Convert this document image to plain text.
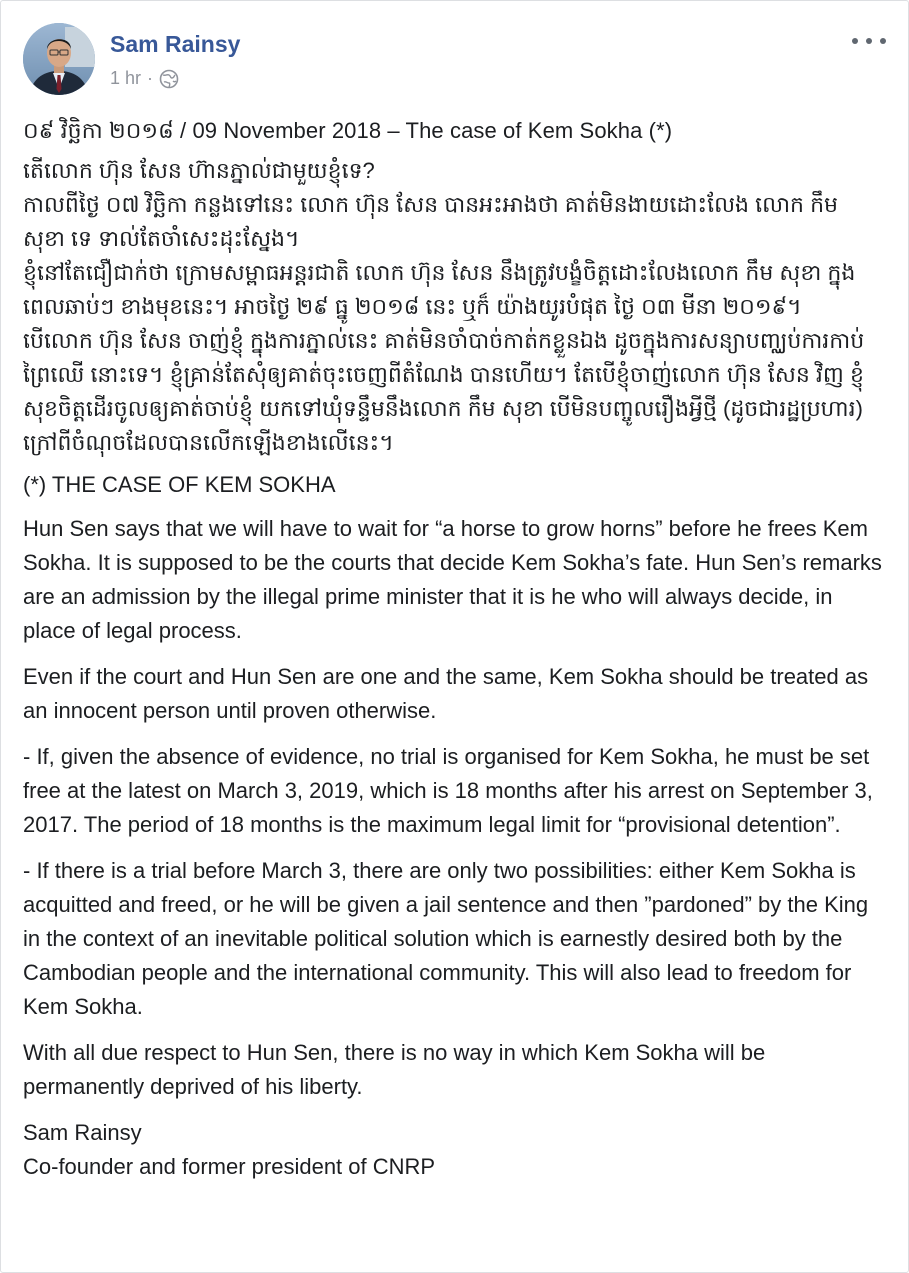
Sam Rainsy
1 hr ·

០៩ វិច្ឆិកា ២០១៨ / 09 November 2018 – The case of Kem Sokha (*)

តើលោក ហ៊ុន សែន ហ៊ានភ្នាល់ជាមួយខ្ញុំទេ?
កាលពីថ្ងៃ ០៧ វិច្ឆិកា កន្លងទៅនេះ លោក ហ៊ុន សែន បានអះអាងថា គាត់មិនងាយដោះលែង លោក កឹម សុខា ទេ ទាល់តែចាំសេះដុះស្នែង។
ខ្ញុំនៅតែជឿជាក់ថា ក្រោមសម្ពាធអន្តរជាតិ លោក ហ៊ុន សែន នឹងត្រូវបង្ខំចិត្តដោះលែងលោក កឹម សុខា ក្នុងពេលឆាប់ៗ ខាងមុខនេះ។ អាចថ្ងៃ ២៩ ធ្នូ ២០១៨ នេះ ឬក៏ យ៉ាងយូរបំផុត ថ្ងៃ ០៣ មីនា ២០១៩។
បើលោក ហ៊ុន សែន ចាញ់ខ្ញុំ ក្នុងការភ្នាល់នេះ គាត់មិនចាំបាច់កាត់កខ្លួនឯង ដូចក្នុងការសន្យាបញ្ឈប់ការកាប់ព្រៃឈើ នោះទេ។ ខ្ញុំគ្រាន់តែសុំឲ្យគាត់ចុះចេញពីតំណែង បានហើយ។ តែបើខ្ញុំចាញ់លោក ហ៊ុន សែន វិញ ខ្ញុំសុខចិត្តដើរចូលឲ្យគាត់ចាប់ខ្ញុំ យកទៅឃុំទន្ទឹមនឹងលោក កឹម សុខា បើមិនបញ្ចូលរឿងអ្វីថ្មី (ដូចជារដ្ឋប្រហារ) ក្រៅពីចំណុចដែលបានលើកឡើងខាងលើនេះ។

(*) THE CASE OF KEM SOKHA

Hun Sen says that we will have to wait for “a horse to grow horns” before he frees Kem Sokha. It is supposed to be the courts that decide Kem Sokha’s fate. Hun Sen’s remarks are an admission by the illegal prime minister that it is he who will always decide, in place of legal process.

Even if the court and Hun Sen are one and the same, Kem Sokha should be treated as an innocent person until proven otherwise.

- If, given the absence of evidence, no trial is organised for Kem Sokha, he must be set free at the latest on March 3, 2019, which is 18 months after his arrest on September 3, 2017. The period of 18 months is the maximum legal limit for “provisional detention”.

- If there is a trial before March 3, there are only two possibilities: either Kem Sokha is acquitted and freed, or he will be given a jail sentence and then ”pardoned” by the King in the context of an inevitable political solution which is earnestly desired both by the Cambodian people and the international community. This will also lead to freedom for Kem Sokha.

With all due respect to Hun Sen, there is no way in which Kem Sokha will be permanently deprived of his liberty.

Sam Rainsy

Co-founder and former president of CNRP
